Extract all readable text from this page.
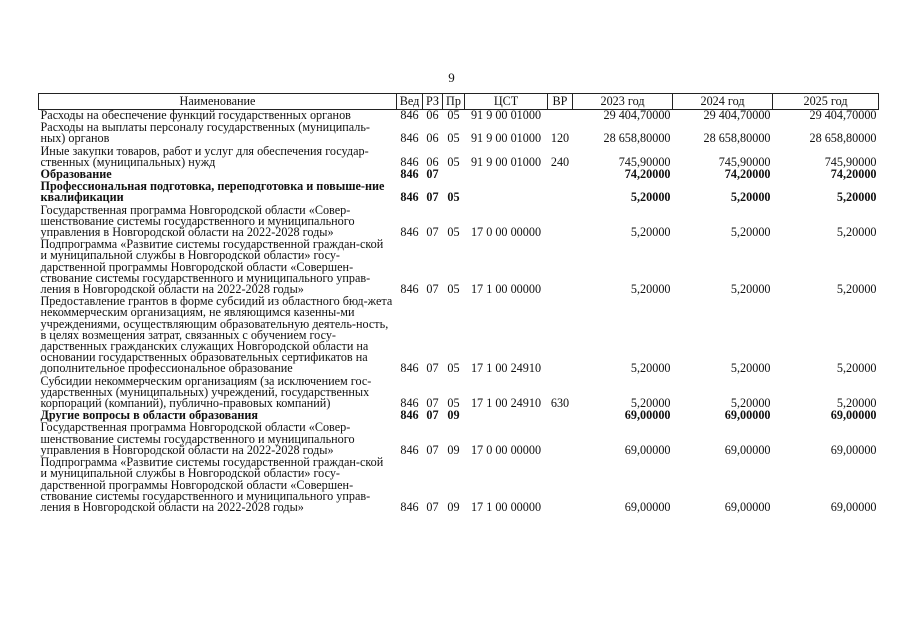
9
Наименование	Вед	РЗ	Пр	ЦСТ	ВР	2023 год	2024 год	2025 год
Расходы на обеспечение функций государственных органов	846	06	05	91 9 00 01000		29 404,70000	29 404,70000	29 404,70000
Расходы на выплаты персоналу государственных (муниципаль-ных) органов	846	06	05	91 9 00 01000	120	28 658,80000	28 658,80000	28 658,80000
Иные закупки товаров, работ и услуг для обеспечения государ-ственных (муниципальных) нужд	846	06	05	91 9 00 01000	240	745,90000	745,90000	745,90000
Образование	846	07				74,20000	74,20000	74,20000
Профессиональная подготовка, переподготовка и повыше-ние квалификации	846	07	05			5,20000	5,20000	5,20000
Государственная программа Новгородской области «Совер-шенствование системы государственного и муниципального управления в Новгородской области на 2022-2028 годы»	846	07	05	17 0 00 00000		5,20000	5,20000	5,20000
Подпрограмма «Развитие системы государственной граждан-ской и муниципальной службы в Новгородской области» госу-дарственной программы Новгородской области «Совершен-ствование системы государственного и муниципального управ-ления в Новгородской области на 2022-2028 годы»	846	07	05	17 1 00 00000		5,20000	5,20000	5,20000
Предоставление грантов в форме субсидий из областного бюд-жета некоммерческим организациям, не являющимся казенны-ми учреждениями, осуществляющим образовательную деятель-ность, в целях возмещения затрат, связанных с обучением госу-дарственных гражданских служащих Новгородской области на основании государственных образовательных сертификатов на дополнительное профессиональное образование	846	07	05	17 1 00 24910		5,20000	5,20000	5,20000
Субсидии некоммерческим организациям (за исключением гос-ударственных (муниципальных) учреждений, государственных корпораций (компаний), публично-правовых компаний)	846	07	05	17 1 00 24910	630	5,20000	5,20000	5,20000
Другие вопросы в области образования	846	07	09			69,00000	69,00000	69,00000
Государственная программа Новгородской области «Совер-шенствование системы государственного и муниципального управления в Новгородской области на 2022-2028 годы»	846	07	09	17 0 00 00000		69,00000	69,00000	69,00000
Подпрограмма «Развитие системы государственной граждан-ской и муниципальной службы в Новгородской области» госу-дарственной программы Новгородской области «Совершен-ствование системы государственного и муниципального управ-ления в Новгородской области на 2022-2028 годы»	846	07	09	17 1 00 00000		69,00000	69,00000	69,00000
